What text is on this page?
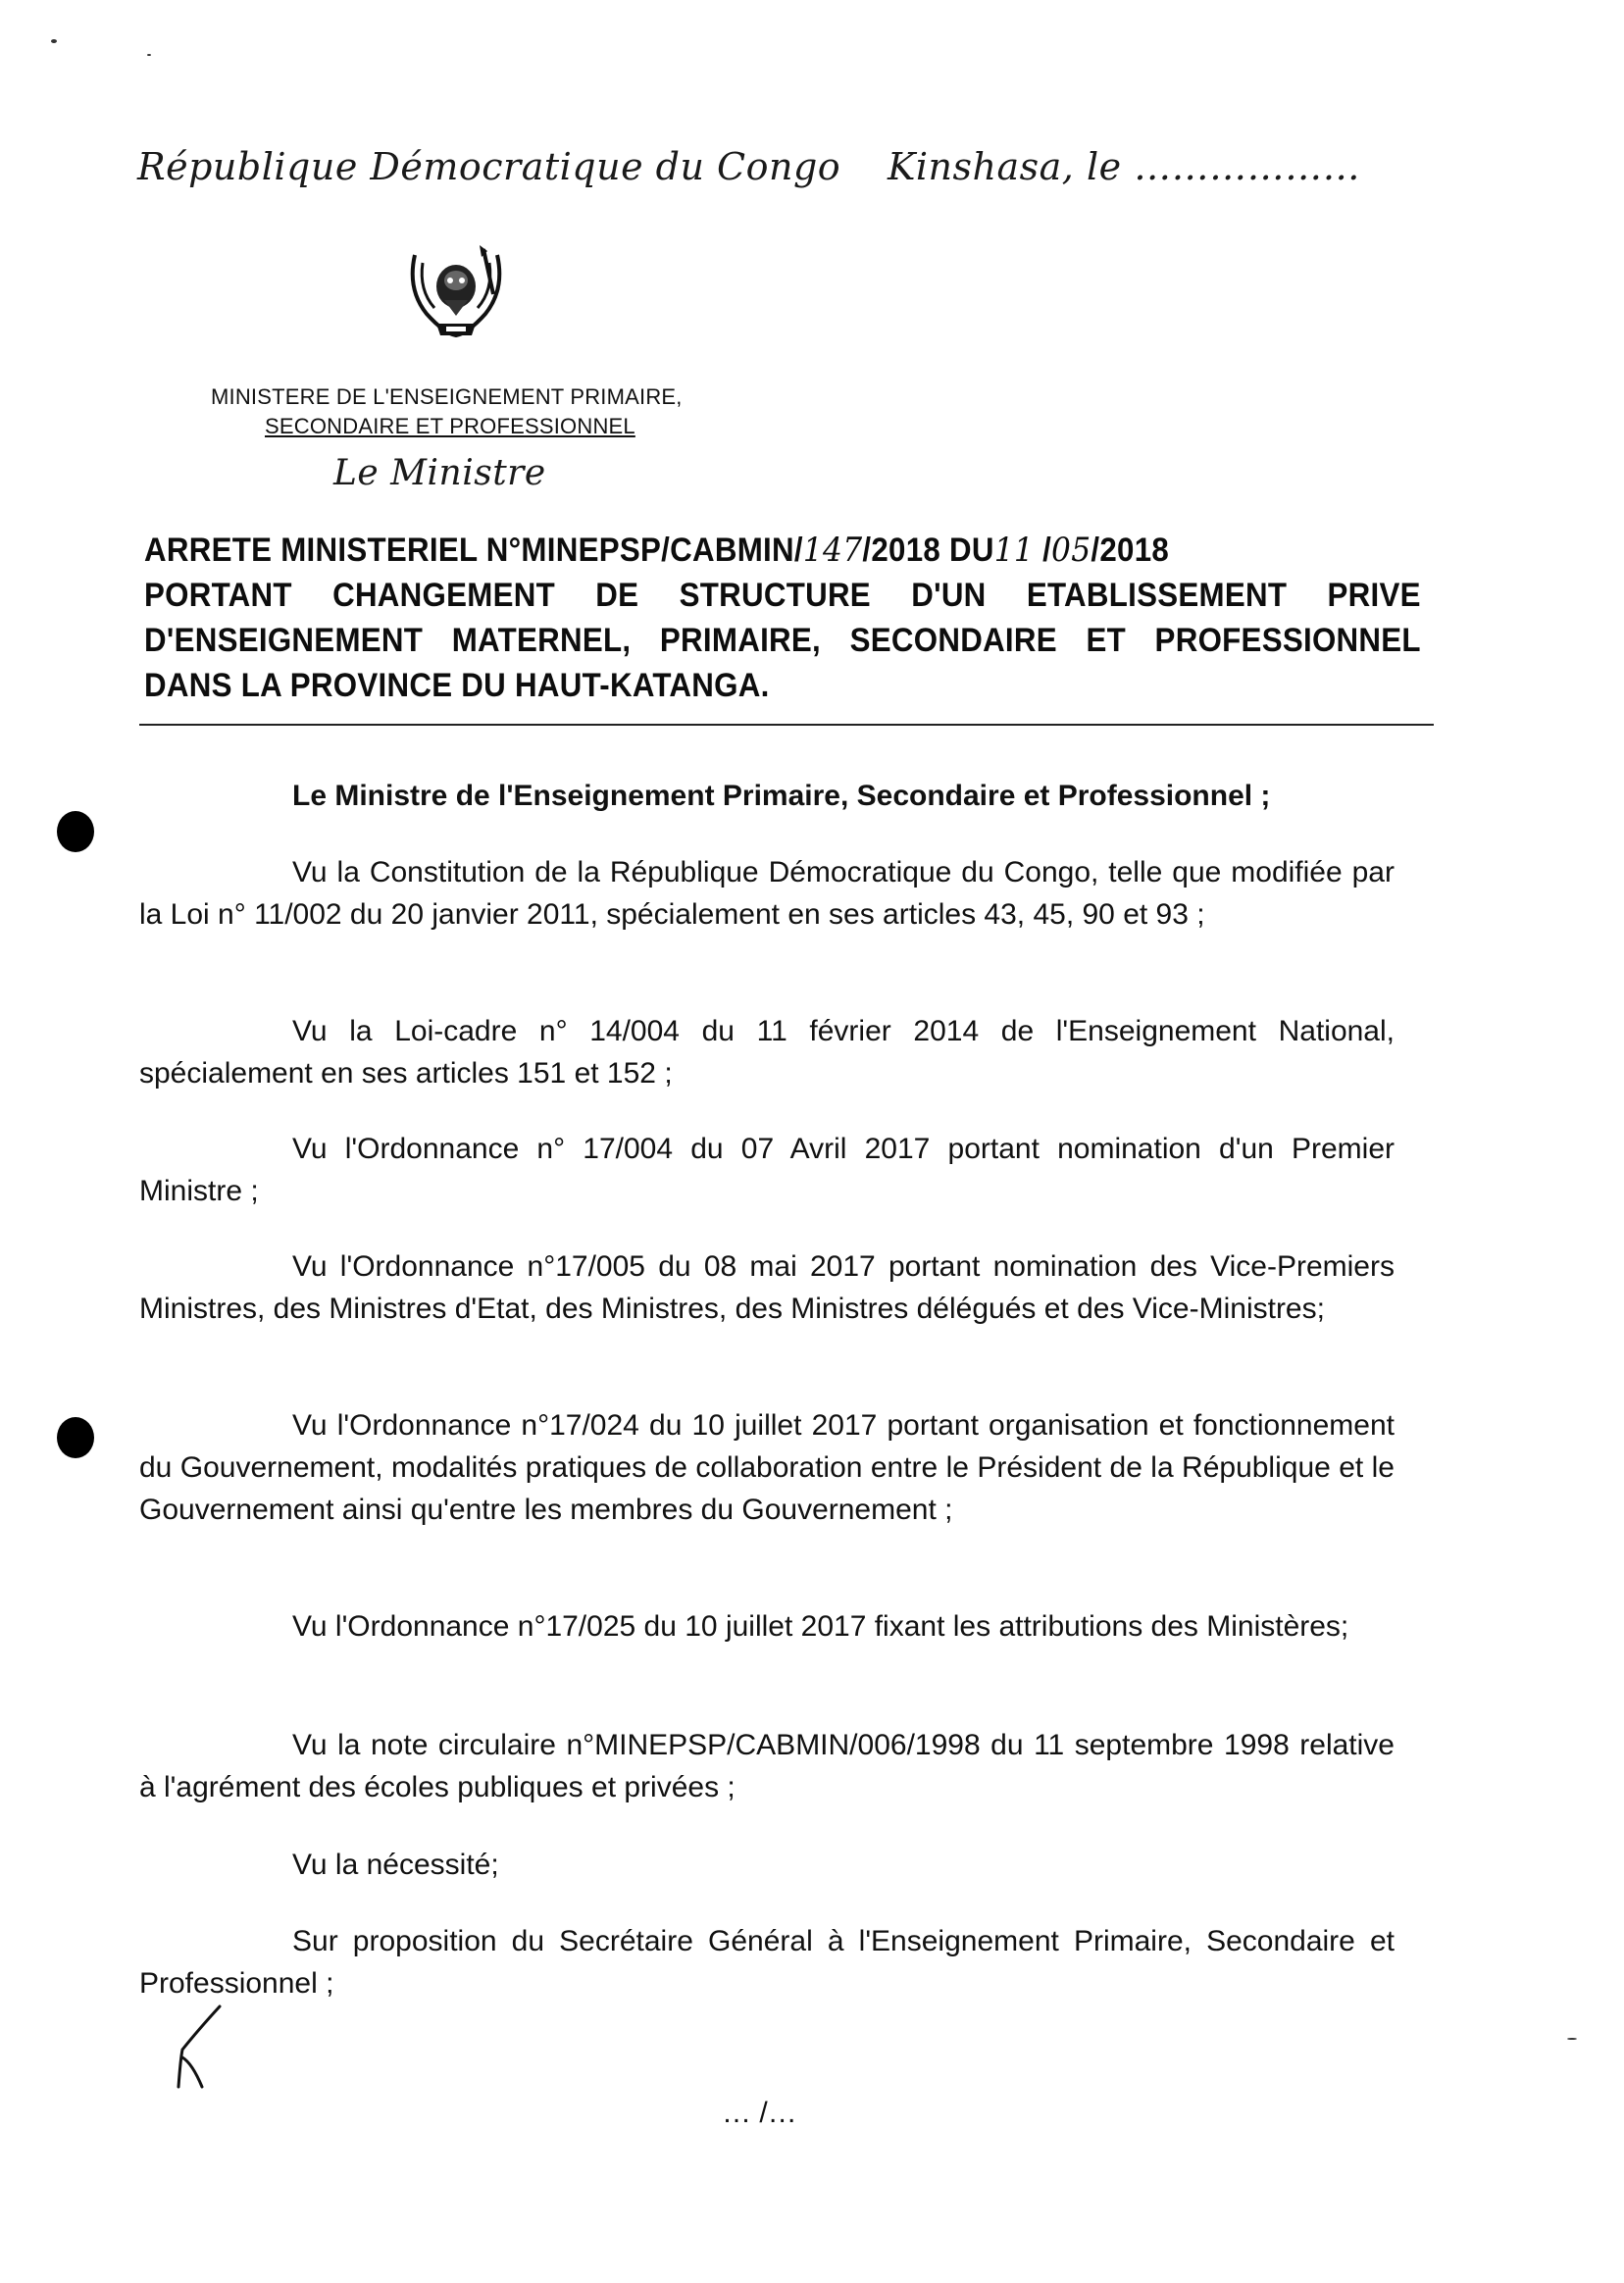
République Démocratique du Congo Kinshasa, le ………………
MINISTERE DE L'ENSEIGNEMENT PRIMAIRE,
SECONDAIRE ET PROFESSIONNEL
Le Ministre
ARRETE MINISTERIEL N°MINEPSP/CABMIN/147/2018 DU11 /05/2018
PORTANT CHANGEMENT DE STRUCTURE D'UN ETABLISSEMENT PRIVE
D'ENSEIGNEMENT MATERNEL, PRIMAIRE, SECONDAIRE ET PROFESSIONNEL
DANS LA PROVINCE DU HAUT-KATANGA.
Le Ministre de l'Enseignement Primaire, Secondaire et Professionnel ;
Vu la Constitution de la République Démocratique du Congo, telle que modifiée par la Loi n° 11/002 du 20 janvier 2011, spécialement en ses articles 43, 45, 90 et 93 ;
Vu la Loi-cadre n° 14/004 du 11 février 2014 de l'Enseignement National, spécialement en ses articles 151 et 152 ;
Vu l'Ordonnance n° 17/004 du 07 Avril 2017 portant nomination d'un Premier Ministre ;
Vu l'Ordonnance n°17/005 du 08 mai 2017 portant nomination des Vice-Premiers Ministres, des Ministres d'Etat, des Ministres, des Ministres délégués et des Vice-Ministres;
Vu l'Ordonnance n°17/024 du 10 juillet 2017 portant organisation et fonctionnement du Gouvernement, modalités pratiques de collaboration entre le Président de la République et le Gouvernement ainsi qu'entre les membres du Gouvernement ;
Vu l'Ordonnance n°17/025 du 10 juillet 2017 fixant les attributions des Ministères;
Vu la note circulaire n°MINEPSP/CABMIN/006/1998 du 11 septembre 1998 relative à l'agrément des écoles publiques et privées ;
Vu la nécessité;
Sur proposition du Secrétaire Général à l'Enseignement Primaire, Secondaire et Professionnel ;
… /…
